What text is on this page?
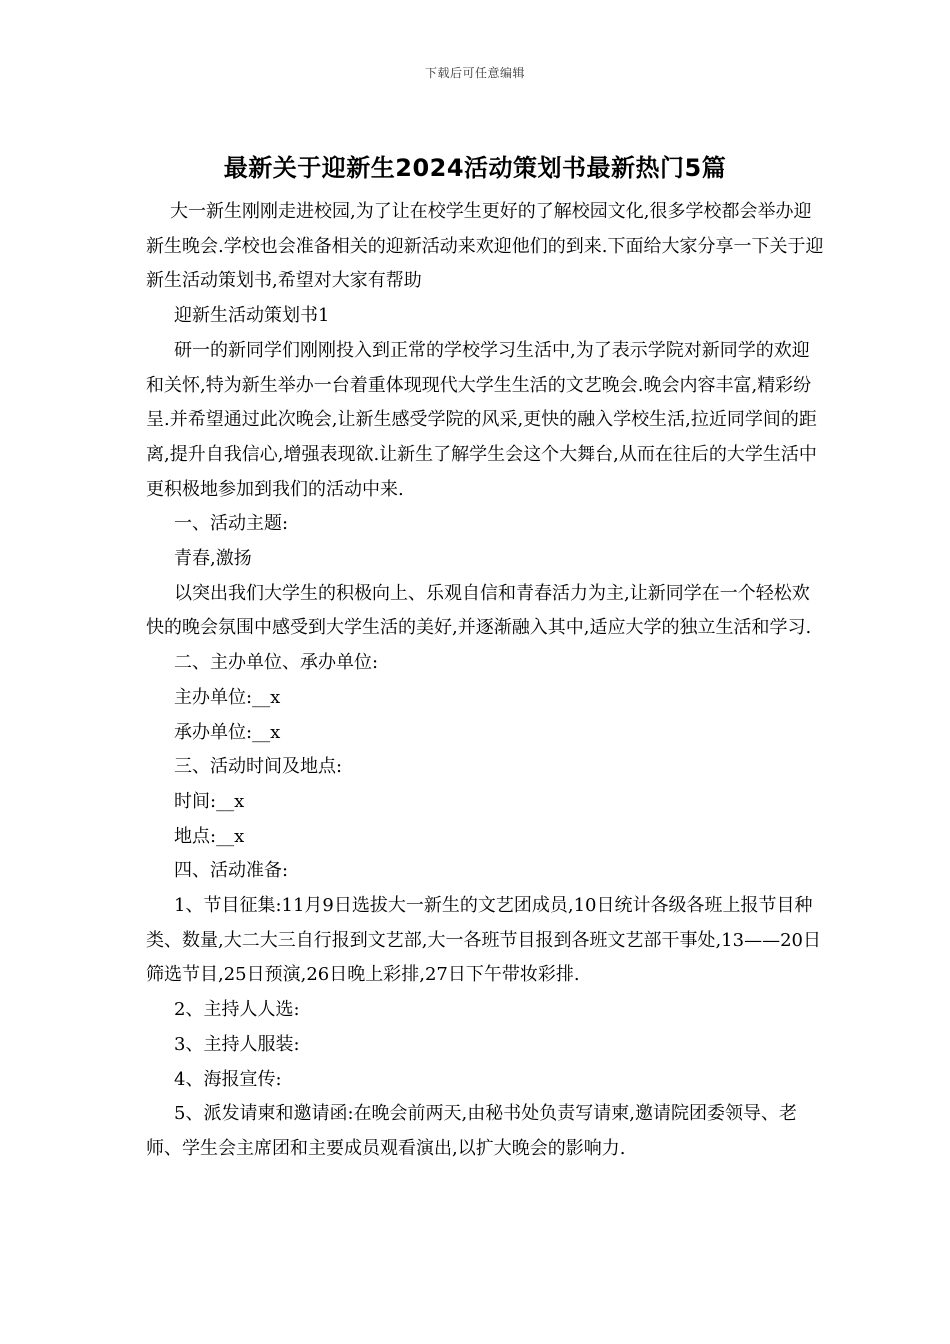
下载后可任意编辑
最新关于迎新生2024活动策划书最新热门5篇

大一新生刚刚走进校园,为了让在校学生更好的了解校园文化,很多学校都会举办迎新生晚会.学校也会准备相关的迎新活动来欢迎他们的到来.下面给大家分享一下关于迎新生活动策划书,希望对大家有帮助

迎新生活动策划书1

研一的新同学们刚刚投入到正常的学校学习生活中,为了表示学院对新同学的欢迎和关怀,特为新生举办一台着重体现现代大学生生活的文艺晚会.晚会内容丰富,精彩纷呈.并希望通过此次晚会,让新生感受学院的风采,更快的融入学校生活,拉近同学间的距离,提升自我信心,增强表现欲.让新生了解学生会这个大舞台,从而在往后的大学生活中更积极地参加到我们的活动中来.

一、活动主题:

青春,激扬

以突出我们大学生的积极向上、乐观自信和青春活力为主,让新同学在一个轻松欢快的晚会氛围中感受到大学生活的美好,并逐渐融入其中,适应大学的独立生活和学习.

二、主办单位、承办单位:

主办单位:__x

承办单位:__x

三、活动时间及地点:

时间:__x

地点:__x

四、活动准备:

1、节目征集:11月9日选拔大一新生的文艺团成员,10日统计各级各班上报节目种类、数量,大二大三自行报到文艺部,大一各班节目报到各班文艺部干事处,13——20日筛选节目,25日预演,26日晚上彩排,27日下午带妆彩排.

2、主持人人选:

3、主持人服装:

4、海报宣传:

5、派发请柬和邀请函:在晚会前两天,由秘书处负责写请柬,邀请院团委领导、老师、学生会主席团和主要成员观看演出,以扩大晚会的影响力.
